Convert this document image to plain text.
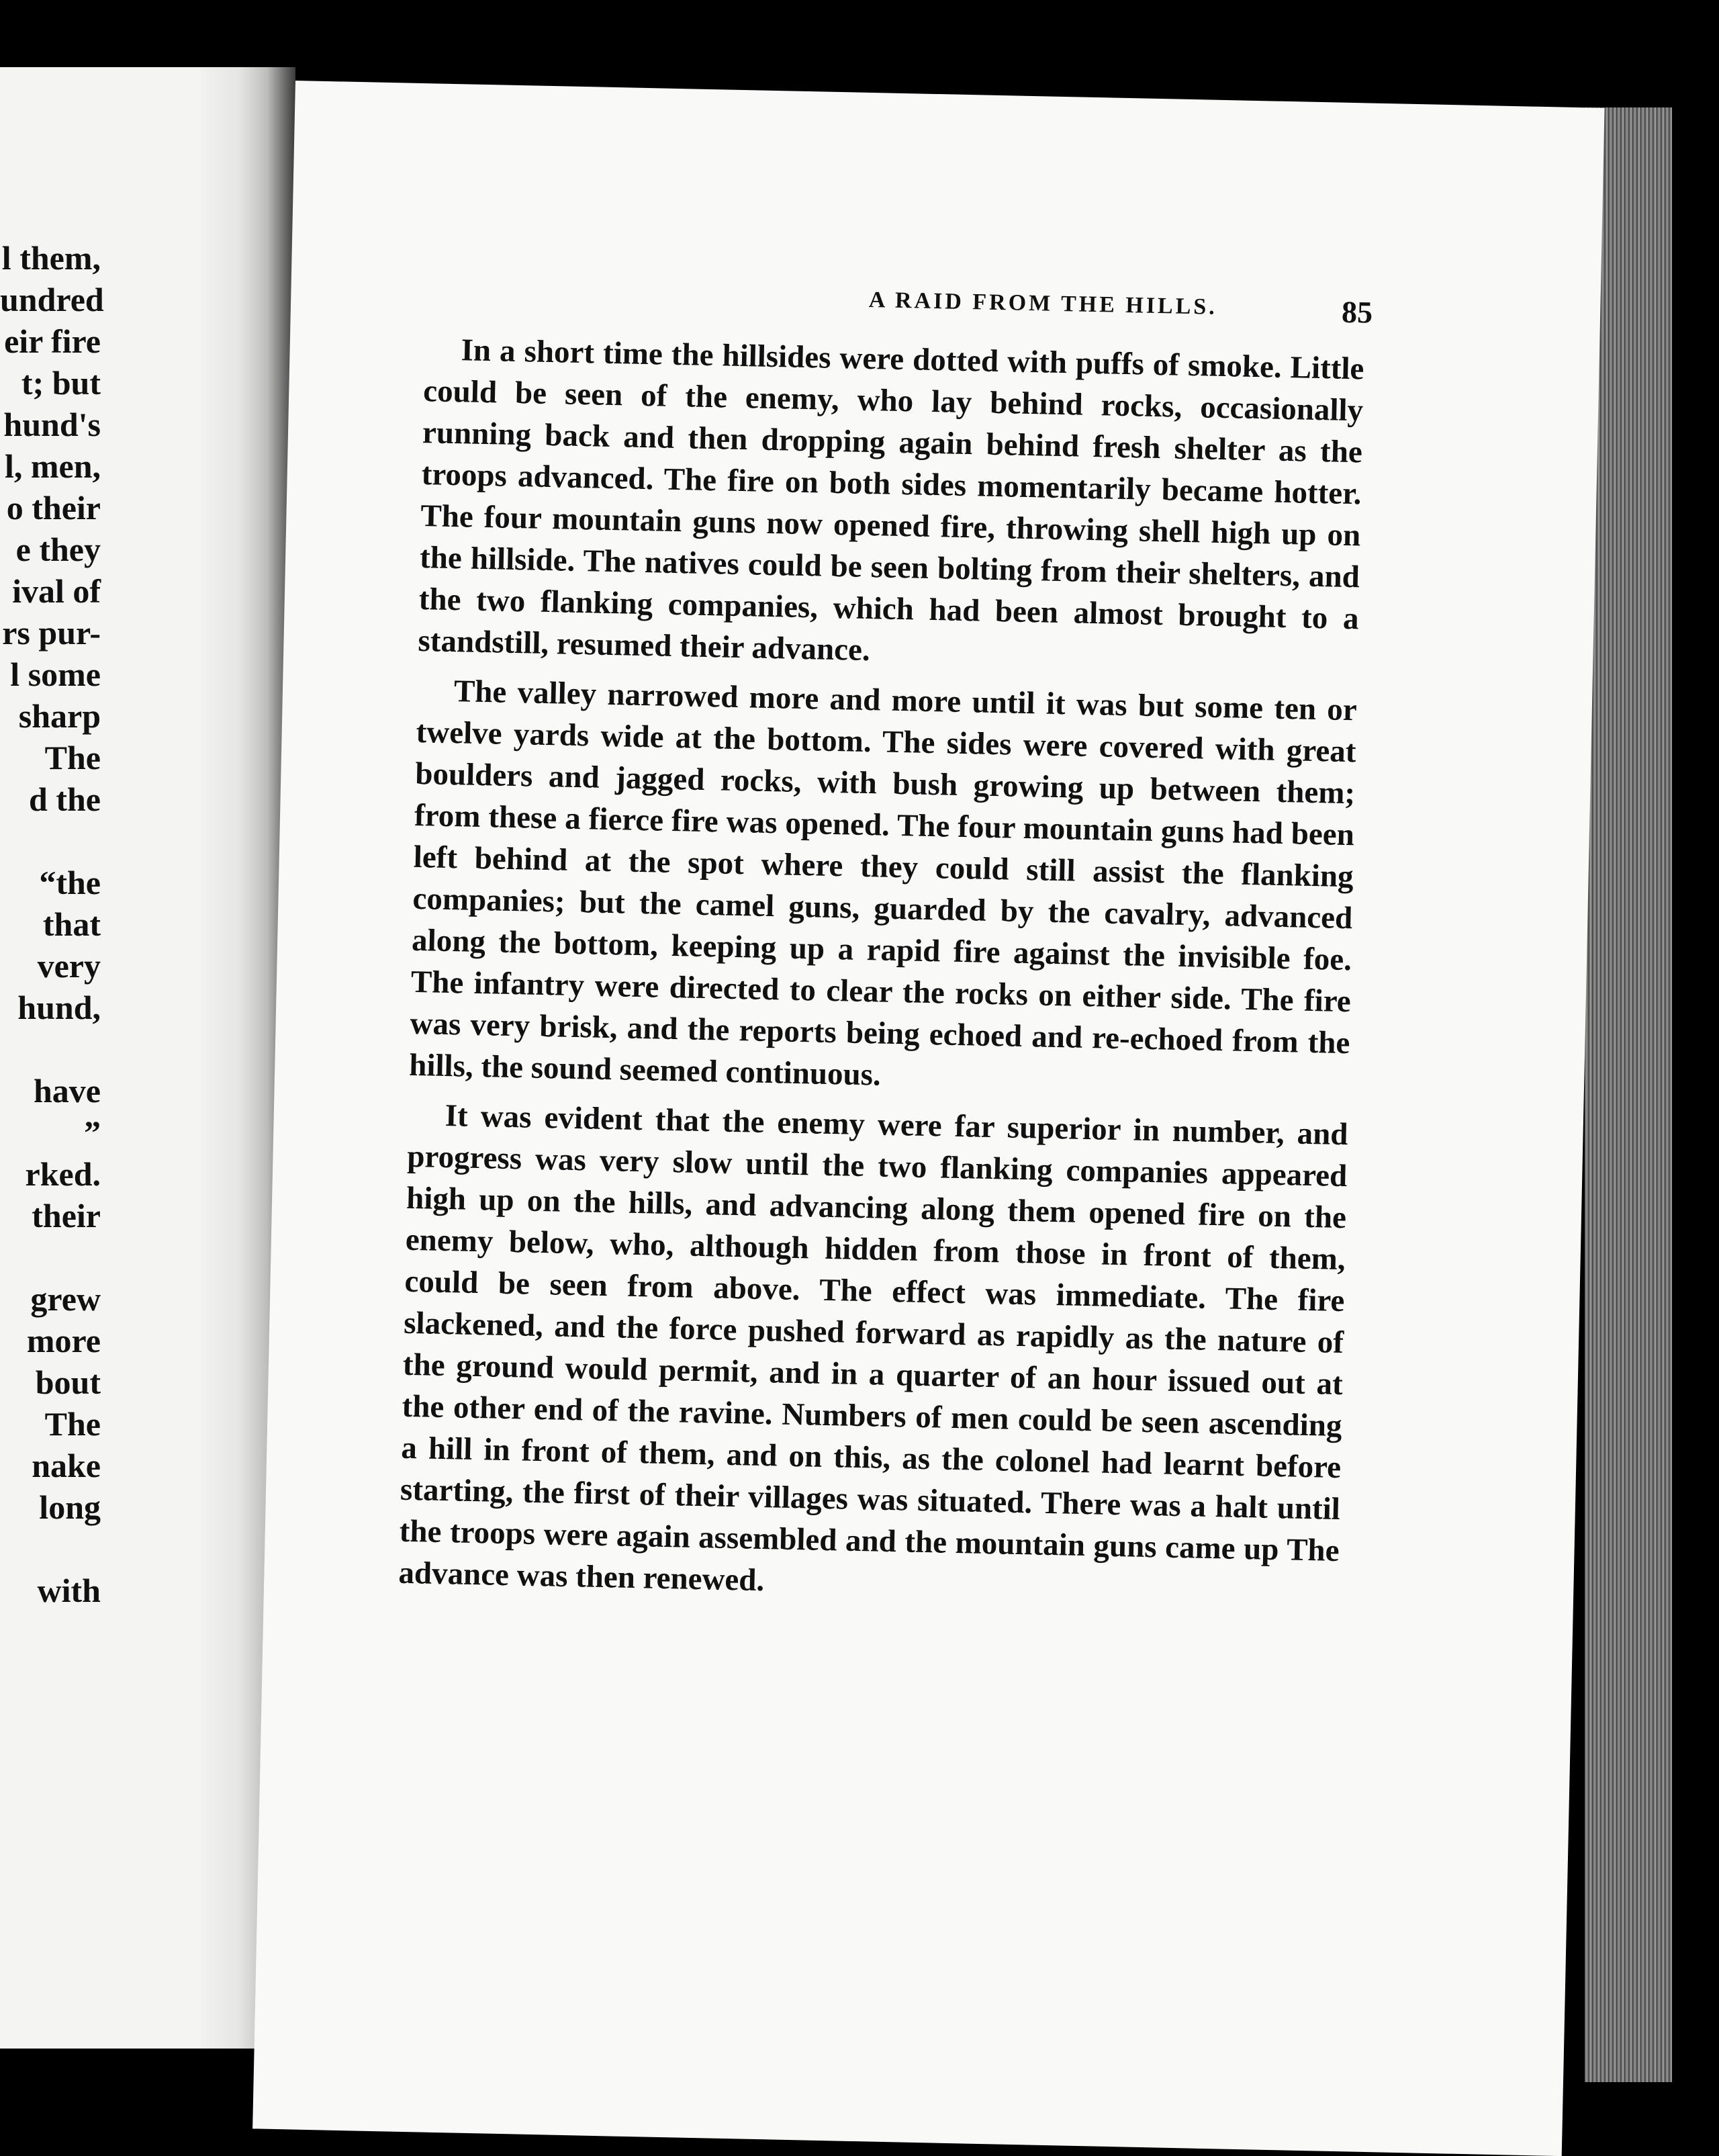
l them,
undred
eir fire
t; but
hund's
l, men,
o their
e they
ival of
rs pur-
l some
sharp
The
d the
“the
that
very
hund,
have
”
rked.
their
grew
more
bout
The
nake
long
with
A RAID FROM THE HILLS.	85

In a short time the hillsides were dotted with puffs of smoke. Little could be seen of the enemy, who lay behind rocks, occasionally running back and then dropping again behind fresh shelter as the troops advanced. The fire on both sides momentarily became hotter. The four mountain guns now opened fire, throwing shell high up on the hillside. The natives could be seen bolting from their shelters, and the two flanking companies, which had been almost brought to a standstill, resumed their advance.

The valley narrowed more and more until it was but some ten or twelve yards wide at the bottom. The sides were covered with great boulders and jagged rocks, with bush growing up between them; from these a fierce fire was opened. The four mountain guns had been left behind at the spot where they could still assist the flanking companies; but the camel guns, guarded by the cavalry, advanced along the bottom, keeping up a rapid fire against the invisible foe. The infantry were directed to clear the rocks on either side. The fire was very brisk, and the reports being echoed and re-echoed from the hills, the sound seemed continuous.

It was evident that the enemy were far superior in number, and progress was very slow until the two flanking companies appeared high up on the hills, and advancing along them opened fire on the enemy below, who, although hidden from those in front of them, could be seen from above. The effect was immediate. The fire slackened, and the force pushed forward as rapidly as the nature of the ground would permit, and in a quarter of an hour issued out at the other end of the ravine. Numbers of men could be seen ascending a hill in front of them, and on this, as the colonel had learnt before starting, the first of their villages was situated. There was a halt until the troops were again assembled and the mountain guns came up The advance was then renewed.
